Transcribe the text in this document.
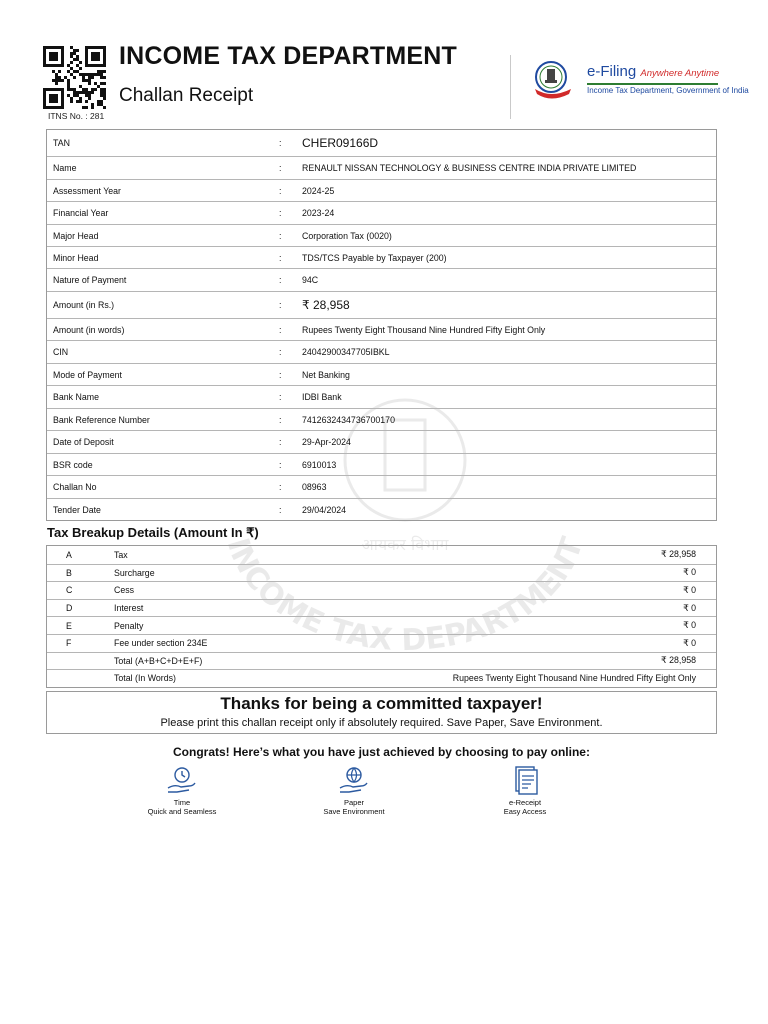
ITNS No. : 281
INCOME TAX DEPARTMENT
Challan Receipt
e-Filing Anywhere Anytime
Income Tax Department, Government of India
INCOME TAX DEPARTMENT
आयकर विभाग
TAN	:	CHER09166D
Name	:	RENAULT NISSAN TECHNOLOGY & BUSINESS CENTRE INDIA PRIVATE LIMITED
Assessment Year	:	2024-25
Financial Year	:	2023-24
Major Head	:	Corporation Tax (0020)
Minor Head	:	TDS/TCS Payable by Taxpayer (200)
Nature of Payment	:	94C
Amount (in Rs.)	:	₹ 28,958
Amount (in words)	:	Rupees Twenty Eight Thousand Nine Hundred Fifty Eight Only
CIN	:	24042900347705IBKL
Mode of Payment	:	Net Banking
Bank Name	:	IDBI Bank
Bank Reference Number	:	7412632434736700170
Date of Deposit	:	29-Apr-2024
BSR code	:	6910013
Challan No	:	08963
Tender Date	:	29/04/2024
Tax Breakup Details (Amount In ₹)
A	Tax	₹ 28,958
B	Surcharge	₹ 0
C	Cess	₹ 0
D	Interest	₹ 0
E	Penalty	₹ 0
F	Fee under section 234E	₹ 0
Total (A+B+C+D+E+F)	₹ 28,958
Total (In Words)	Rupees Twenty Eight Thousand Nine Hundred Fifty Eight Only
Thanks for being a committed taxpayer!
Please print this challan receipt only if absolutely required. Save Paper, Save Environment.
Congrats! Here’s what you have just achieved by choosing to pay online:
Time
Quick and Seamless
Paper
Save Environment
e-Receipt
Easy Access
